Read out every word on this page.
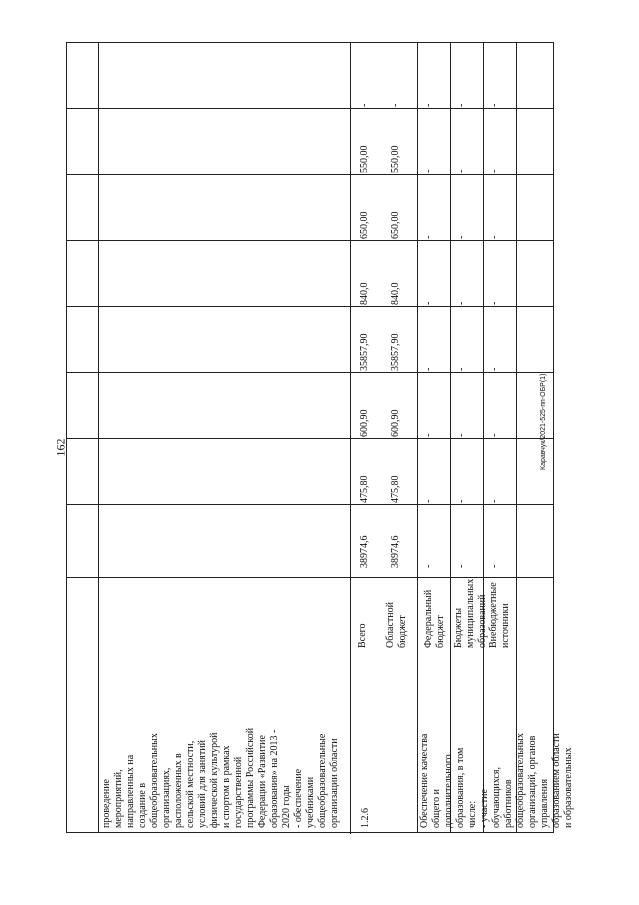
162	Каравчук/2021-525-пп-ОБР(1)
проведение
мероприятий,
направленных на
создание в
общеобразовательных
организациях,
расположенных в
сельской местности,
условий для занятий
физической культурой
и спортом в рамках
государственной
программы Российской
Федерации «Развитие
образования» на 2013 -
2020 годы
- обеспечение
учебниками
общеобразовательные
организации области
1.2.6	Обеспечение качества
общего и
дополнительного
образования, в том
числе:
- участие
обучающихся,
работников
общеобразовательных
организаций, органов
управления
образованием области
и образовательных
Всего Областной
бюджет Федеральный
бюджет Бюджеты
муниципальных
образований Внебюджетные
источники
38974,6
475,80
600,90
35857,90
840,0
650,00
550,00
-
38974,6
475,80
600,90
35857,90
840,0
650,00
550,00
-
-
-
-
-
-
-
-
-
-
-
-
-
-
-
-
-
-
-
-
-
-
-
-
-
